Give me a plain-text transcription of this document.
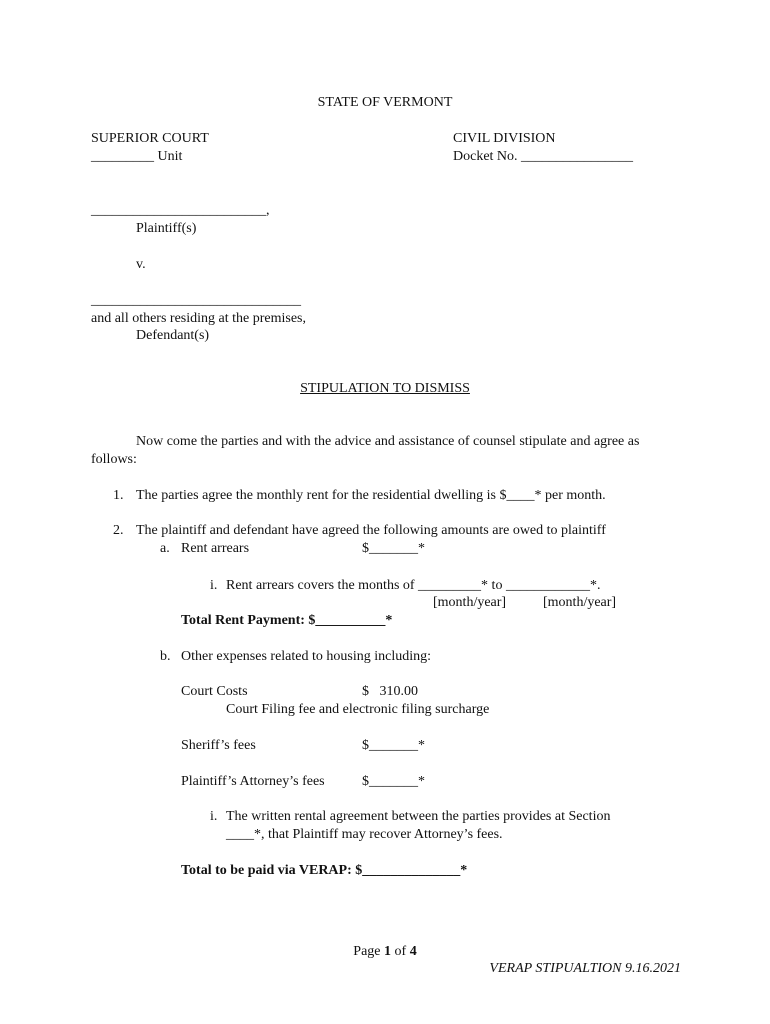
STATE OF VERMONT
SUPERIOR COURT
_________ Unit
CIVIL DIVISION
Docket No. ________________
_________________________,
Plaintiff(s)
v.
______________________________
and all others residing at the premises,
Defendant(s)
STIPULATION TO DISMISS
Now come the parties and with the advice and assistance of counsel stipulate and agree as
follows:
1. The parties agree the monthly rent for the residential dwelling is $____* per month.
2. The plaintiff and defendant have agreed the following amounts are owed to plaintiff
a. Rent arrears	$_______*
i. Rent arrears covers the months of _________* to ____________*.
[month/year]	[month/year]
Total Rent Payment: $__________*
b. Other expenses related to housing including:
Court Costs	$   310.00
Court Filing fee and electronic filing surcharge
Sheriff’s fees	$_______*
Plaintiff’s Attorney’s fees	$_______*
i. The written rental agreement between the parties provides at Section
____*, that Plaintiff may recover Attorney’s fees.
Total to be paid via VERAP: $______________*
Page 1 of 4
VERAP STIPUALTION 9.16.2021
